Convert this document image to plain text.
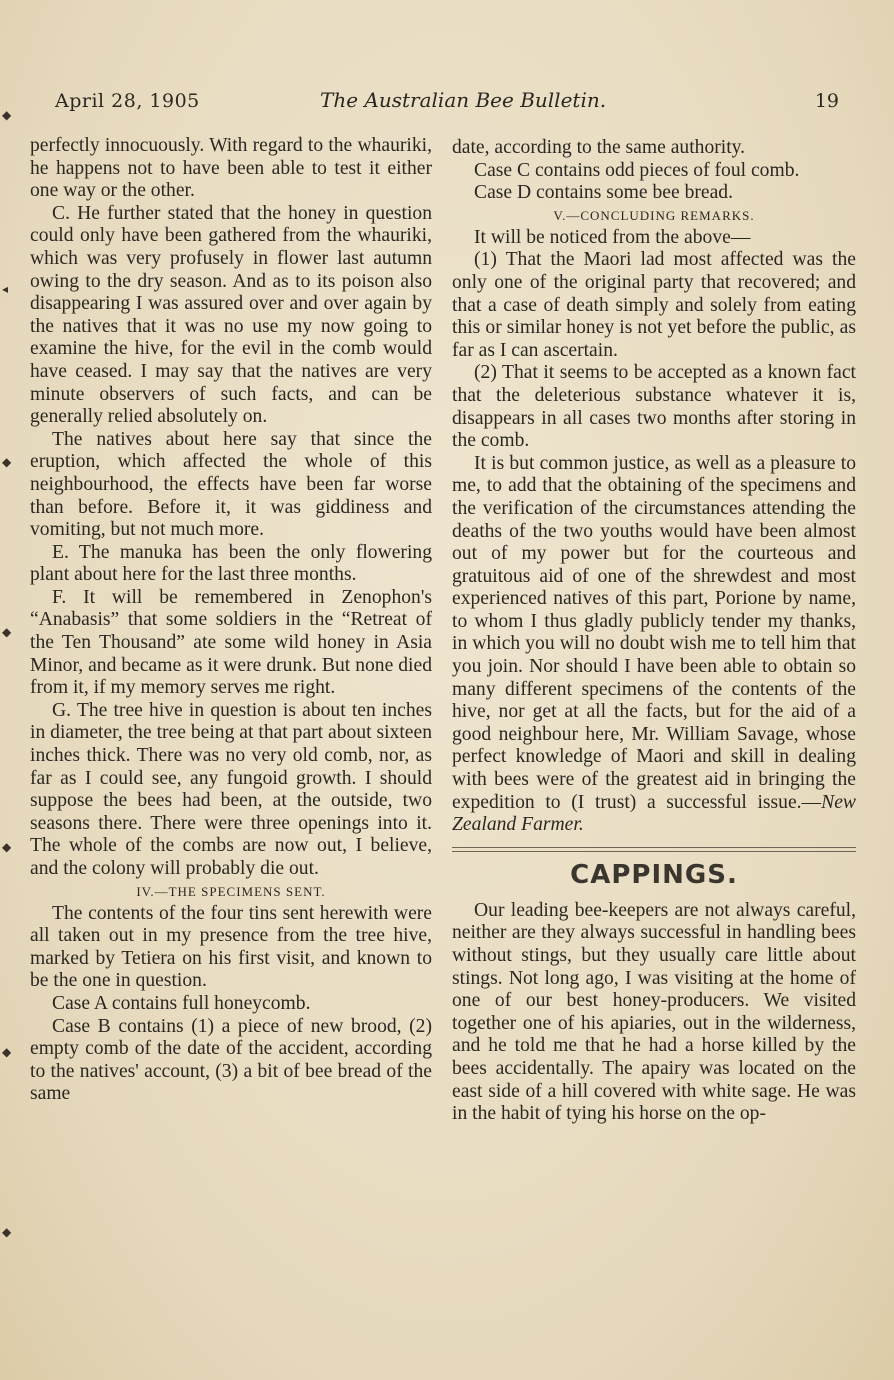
◆
◂
◆
◆
◆
◆
◆
April 28, 1905	The Australian Bee Bulletin.	19

perfectly innocuously. With regard to the whauriki, he happens not to have been able to test it either one way or the other.

C. He further stated that the honey in question could only have been gathered from the whauriki, which was very profusely in flower last autumn owing to the dry season. And as to its poison also disappearing I was assured over and over again by the natives that it was no use my now going to examine the hive, for the evil in the comb would have ceased. I may say that the natives are very minute observers of such facts, and can be generally relied absolutely on.

The natives about here say that since the eruption, which affected the whole of this neighbourhood, the effects have been far worse than before. Before it, it was giddiness and vomiting, but not much more.

E. The manuka has been the only flowering plant about here for the last three months.

F. It will be remembered in Zenophon's “Anabasis” that some soldiers in the “Retreat of the Ten Thousand” ate some wild honey in Asia Minor, and became as it were drunk. But none died from it, if my memory serves me right.

G. The tree hive in question is about ten inches in diameter, the tree being at that part about sixteen inches thick. There was no very old comb, nor, as far as I could see, any fungoid growth. I should suppose the bees had been, at the outside, two seasons there. There were three openings into it. The whole of the combs are now out, I believe, and the colony will probably die out.

IV.—THE SPECIMENS SENT.

The contents of the four tins sent herewith were all taken out in my presence from the tree hive, marked by Tetiera on his first visit, and known to be the one in question.

Case A contains full honeycomb.

Case B contains (1) a piece of new brood, (2) empty comb of the date of the accident, according to the natives' account, (3) a bit of bee bread of the same

date, according to the same authority.

Case C contains odd pieces of foul comb.

Case D contains some bee bread.

V.—CONCLUDING REMARKS.

It will be noticed from the above—

(1) That the Maori lad most affected was the only one of the original party that recovered; and that a case of death simply and solely from eating this or similar honey is not yet before the public, as far as I can ascertain.

(2) That it seems to be accepted as a known fact that the deleterious substance whatever it is, disappears in all cases two months after storing in the comb.

It is but common justice, as well as a pleasure to me, to add that the obtaining of the specimens and the verification of the circumstances attending the deaths of the two youths would have been almost out of my power but for the courteous and gratuitous aid of one of the shrewdest and most experienced natives of this part, Porione by name, to whom I thus gladly publicly tender my thanks, in which you will no doubt wish me to tell him that you join. Nor should I have been able to obtain so many different specimens of the contents of the hive, nor get at all the facts, but for the aid of a good neighbour here, Mr. William Savage, whose perfect knowledge of Maori and skill in dealing with bees were of the greatest aid in bringing the expedition to (I trust) a successful issue.—New Zealand Farmer.

CAPPINGS.

Our leading bee-keepers are not always careful, neither are they always successful in handling bees without stings, but they usually care little about stings. Not long ago, I was visiting at the home of one of our best honey-producers. We visited together one of his apiaries, out in the wilderness, and he told me that he had a horse killed by the bees accidentally. The apairy was located on the east side of a hill covered with white sage. He was in the habit of tying his horse on the op-
